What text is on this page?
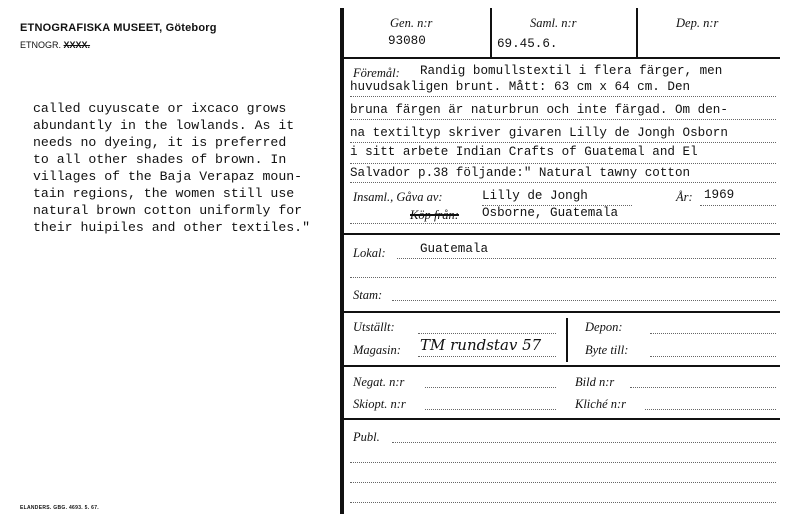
ETNOGRAFISKA MUSEET, Göteborg
ETNOGR. XXXX.
called cuyuscate or ixcaco grows
abundantly in the lowlands. As it
needs no dyeing, it is preferred
to all other shades of brown. In
villages of the Baja Verapaz moun-
tain regions, the women still use
natural brown cotton uniformly for
their huipiles and other textiles."
ELANDERS. GBG. 4693. 5. 67.
Gen. n:r
93080
Saml. n:r
69.45.6.
Dep. n:r
Föremål: Randig bomullstextil i flera färger, men
huvudsakligen brunt. Mått: 63 cm x 64 cm. Den
bruna färgen är naturbrun och inte färgad. Om den-
na textiltyp skriver givaren Lilly de Jongh Osborn
i sitt arbete Indian Crafts of Guatemal and El
Salvador p.38 följande:" Natural tawny cotton
Insaml., Gåva av:	Lilly de Jongh	År: 1969
Köp från: Osborne, Guatemala
Lokal:	Guatemala
Stam:
Utställt:
Magasin: TM rundstav 57
Depon:
Byte till:
Negat. n:r
Skiopt. n:r
Bild n:r
Kliché n:r
Publ.
